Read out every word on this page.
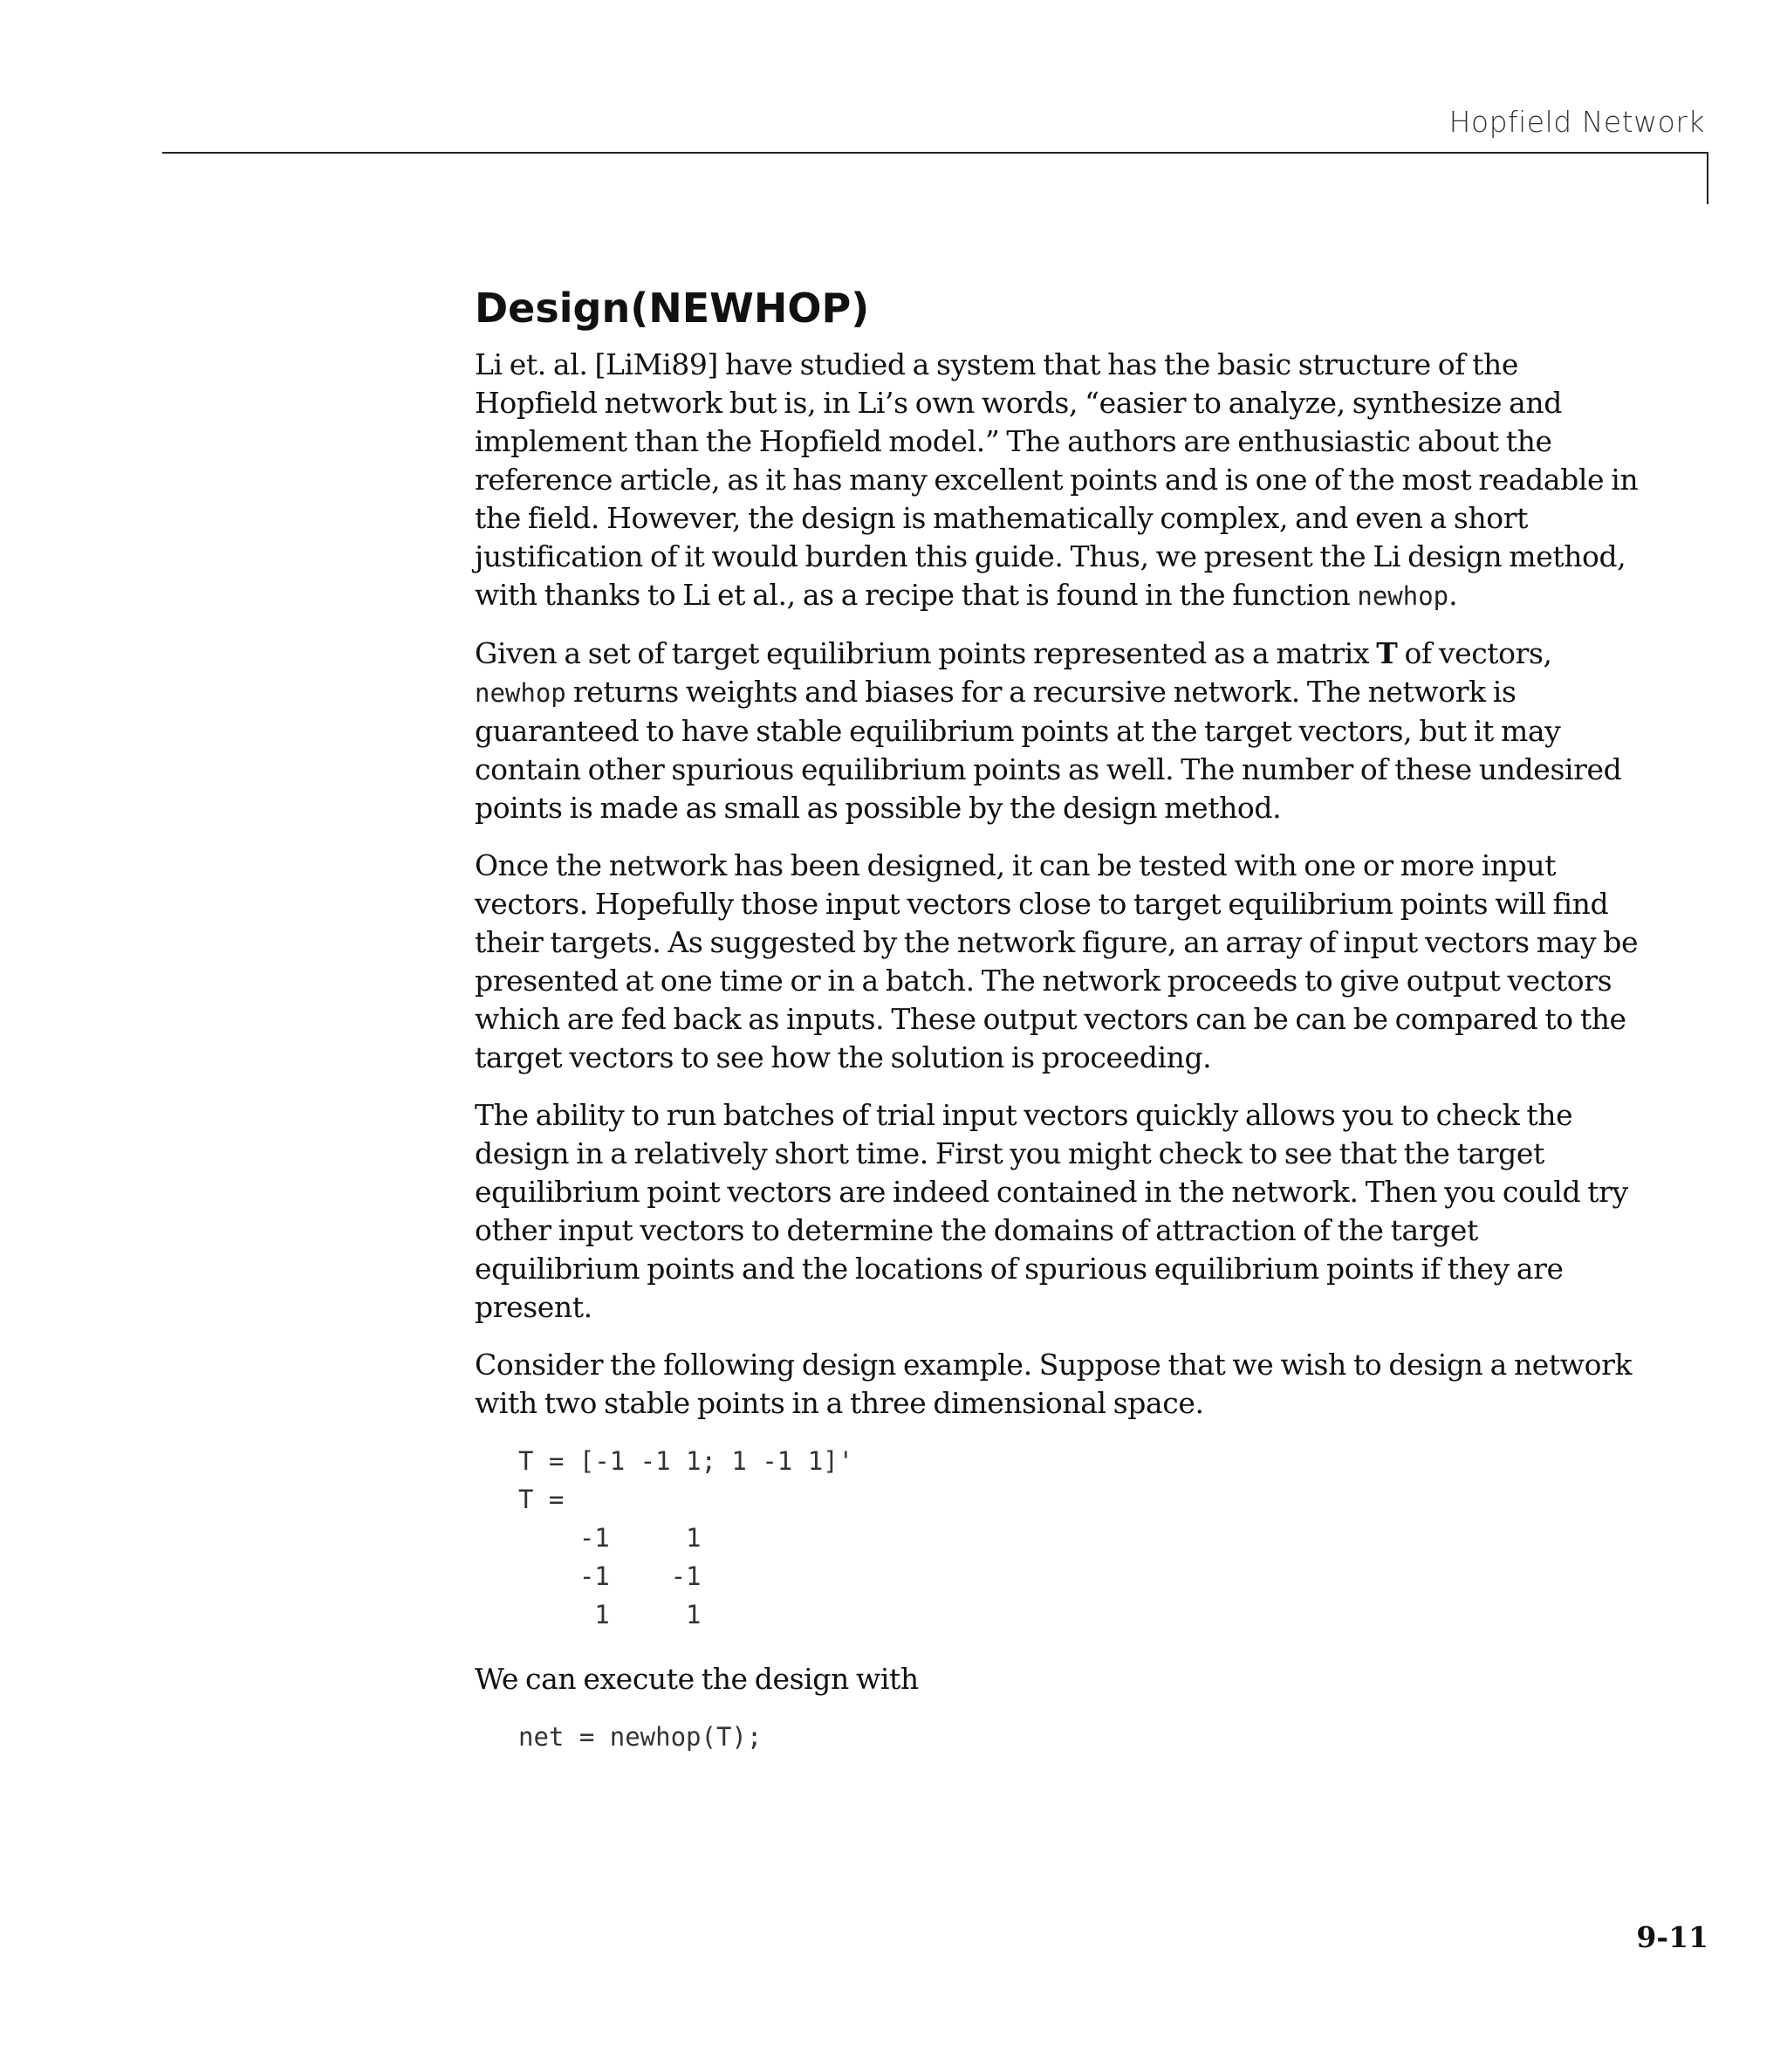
Hopfield Network
Design(NEWHOP)

Li et. al. [LiMi89] have studied a system that has the basic structure of the Hopfield network but is, in Li’s own words, “easier to analyze, synthesize and implement than the Hopfield model.” The authors are enthusiastic about the reference article, as it has many excellent points and is one of the most readable in the field. However, the design is mathematically complex, and even a short justification of it would burden this guide. Thus, we present the Li design method, with thanks to Li et al., as a recipe that is found in the function newhop.

Given a set of target equilibrium points represented as a matrix T of vectors, newhop returns weights and biases for a recursive network. The network is guaranteed to have stable equilibrium points at the target vectors, but it may contain other spurious equilibrium points as well. The number of these undesired points is made as small as possible by the design method.

Once the network has been designed, it can be tested with one or more input vectors. Hopefully those input vectors close to target equilibrium points will find their targets. As suggested by the network figure, an array of input vectors may be presented at one time or in a batch. The network proceeds to give output vectors which are fed back as inputs. These output vectors can be can be compared to the target vectors to see how the solution is proceeding.

The ability to run batches of trial input vectors quickly allows you to check the design in a relatively short time. First you might check to see that the target equilibrium point vectors are indeed contained in the network. Then you could try other input vectors to determine the domains of attraction of the target equilibrium points and the locations of spurious equilibrium points if they are present.

Consider the following design example. Suppose that we wish to design a network with two stable points in a three dimensional space.

T = [-1 -1 1; 1 -1 1]'
T =
-1     1
-1    -1
1     1

We can execute the design with

net = newhop(T);
9-11
